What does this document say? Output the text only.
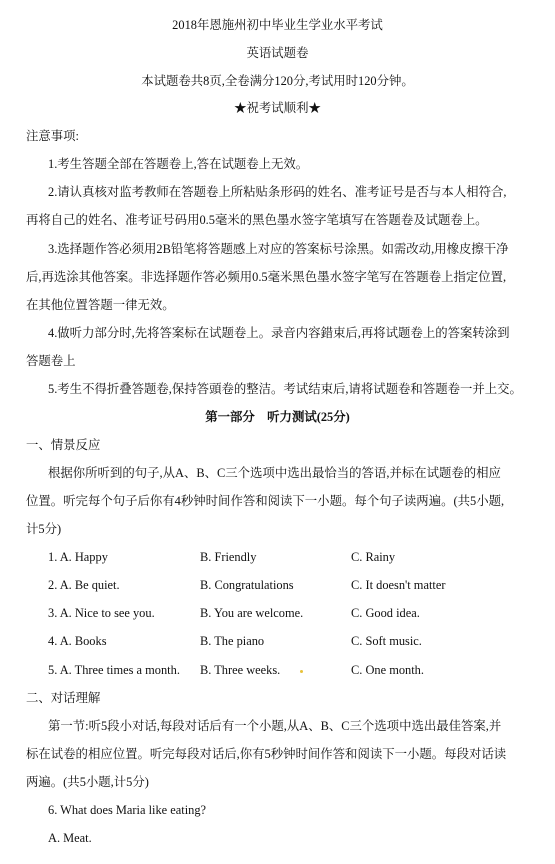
2018年恩施州初中毕业生学业水平考试
英语试题卷
本试题卷共8页,全卷满分120分,考试用时120分钟。
★祝考试顺利★
注意事项:
1.考生答题全部在答题卷上,答在试题卷上无效。
2.请认真核对监考教师在答题卷上所粘贴条形码的姓名、准考证号是否与本人相符合,
再将自己的姓名、准考证号码用0.5毫米的黑色墨水签字笔填写在答题卷及试题卷上。
3.选择题作答必须用2B铅笔将答题感上对应的答案标号涂黑。如需改动,用橡皮擦干净
后,再选涂其他答案。非选择题作答必频用0.5毫米黑色墨水签字笔写在答题卷上指定位置,
在其他位置答题一律无效。
4.做听力部分时,先将答案标在试题卷上。录音内容錯束后,再将试题卷上的答案转涂到
答题卷上
5.考生不得折叠答题卷,保持答頭卷的整洁。考试结束后,请将试题卷和答题卷一并上交。
第一部分　听力测试(25分)
一、情景反应
根据你所听到的句子,从A、B、C三个选项中选出最恰当的答语,并标在试题卷的相应
位置。听完每个句子后你有4秒钟时间作答和阅读下一小题。每个句子读两遍。(共5小题,
计5分)
1. A. Happy	B. Friendly	C. Rainy
2. A. Be quiet.	B. Congratulations	C. It doesn't matter
3. A. Nice to see you.	B. You are welcome.	C. Good idea.
4. A. Books	B. The piano	C. Soft music.
5. A. Three times a month. B. Three weeks.	C. One month.
二、对话理解
第一节:听5段小对话,每段对话后有一个小题,从A、B、C三个选项中选出最佳答案,并
标在试卷的相应位置。听完每段对话后,你有5秒钟时间作答和阅读下一小题。每段对话读
两遍。(共5小题,计5分)
6. What does Maria like eating?
A. Meat.
